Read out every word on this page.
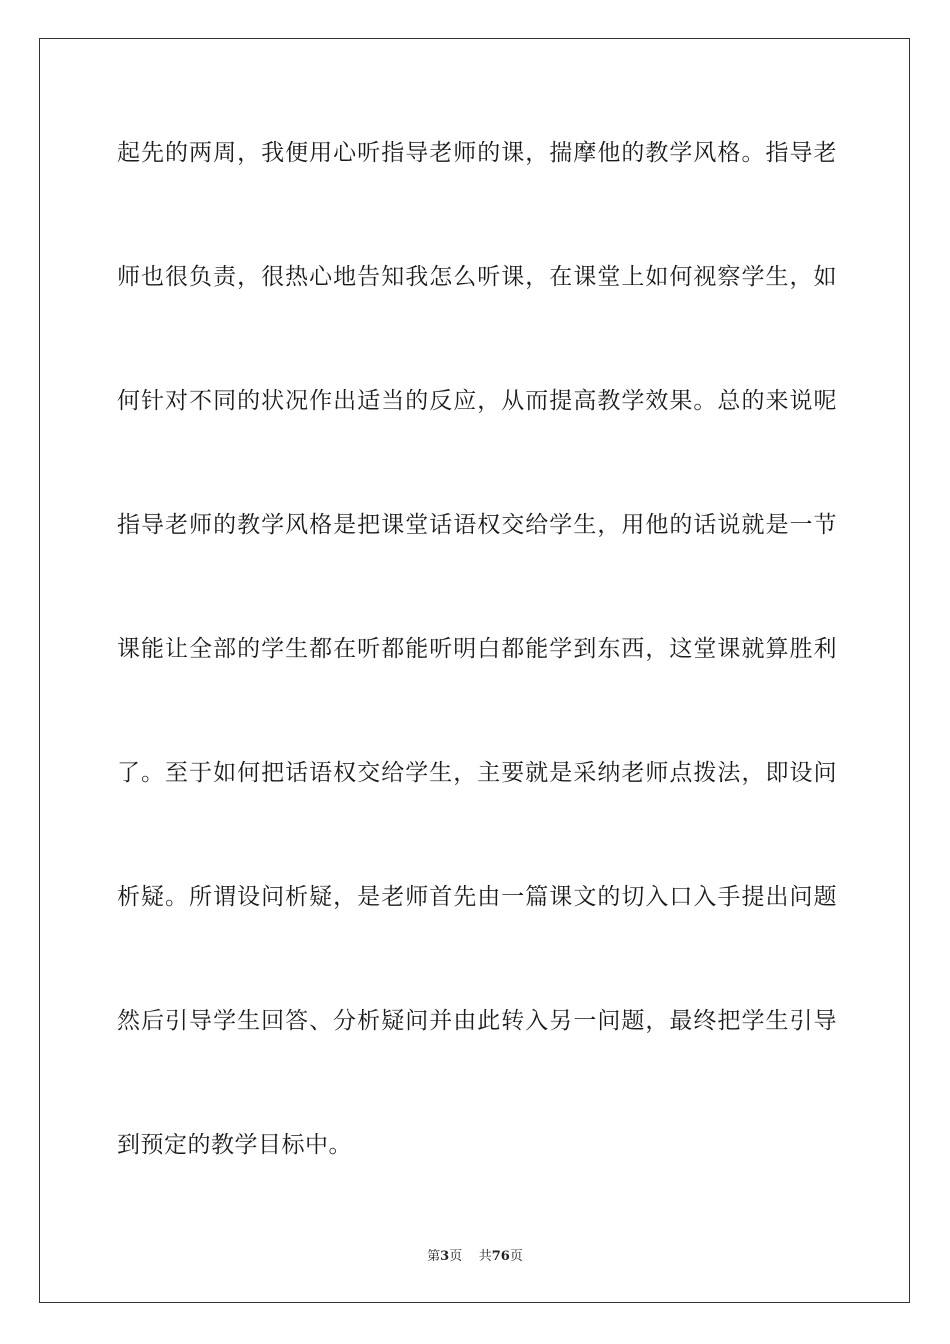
起先的两周，我便用心听指导老师的课，揣摩他的教学风格。指导老
师也很负责，很热心地告知我怎么听课，在课堂上如何视察学生，如
何针对不同的状况作出适当的反应，从而提高教学效果。总的来说呢
指导老师的教学风格是把课堂话语权交给学生，用他的话说就是一节
课能让全部的学生都在听都能听明白都能学到东西，这堂课就算胜利
了。至于如何把话语权交给学生，主要就是采纳老师点拨法，即设问
析疑。所谓设问析疑，是老师首先由一篇课文的切入口入手提出问题
然后引导学生回答、分析疑问并由此转入另一问题，最终把学生引导
到预定的教学目标中。
第3页 共76页
